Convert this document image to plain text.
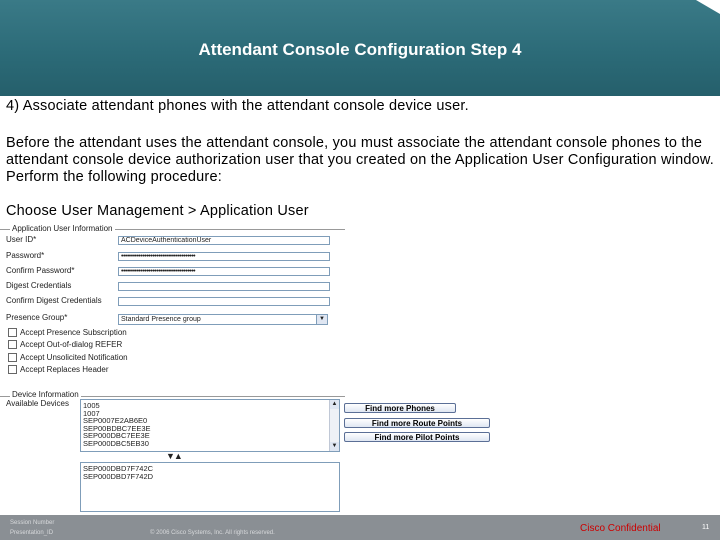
Attendant Console Configuration Step 4
4) Associate attendant phones with the attendant console device user.
Before the attendant uses the attendant console, you must associate the attendant console phones to the attendant console device authorization user that you created on the Application User Configuration window. Perform the following procedure:
Choose User Management > Application User
Application User Information
User ID*	ACDeviceAuthenticationUser
Password*	••••••••••••••••••••••••••••••••••••••
Confirm Password*	••••••••••••••••••••••••••••••••••••••
Digest Credentials
Confirm Digest Credentials
Presence Group*	Standard Presence group	▼
Accept Presence Subscription
Accept Out-of-dialog REFER
Accept Unsolicited Notification
Accept Replaces Header
Device Information
Available Devices 1005
1007
SEP0007E2AB6E0
SEP00BDBC7EE3E
SEP000DBC7EE3E
SEP000DBC5EB30
▲
▼
▼▲
SEP000DBD7F742C
SEP000DBD7F742D
Find more Phones
Find more Route Points
Find more Pilot Points
Session Number
Presentation_ID	© 2006 Cisco Systems, Inc. All rights reserved.	Cisco Confidential	11
